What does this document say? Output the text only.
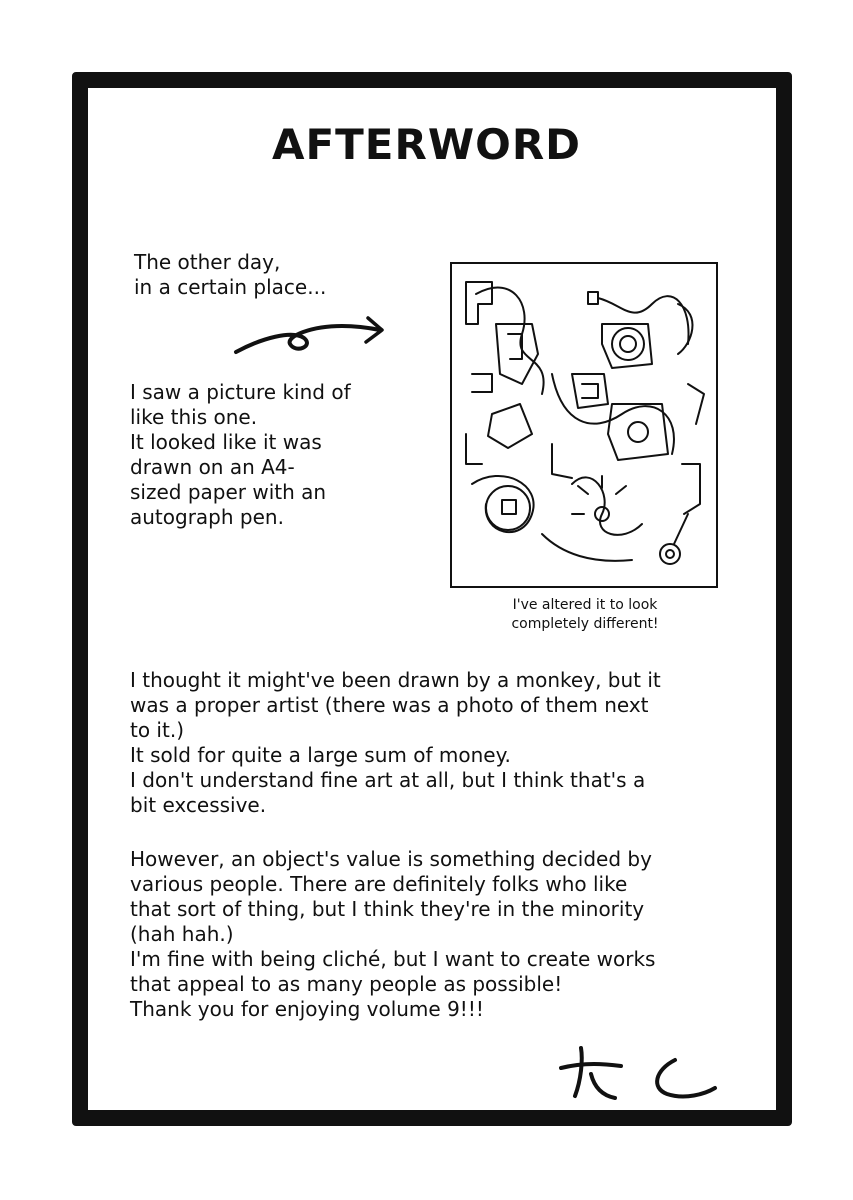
AFTERWORD
The other day,
in a certain place...
I saw a picture kind of
like this one.
It looked like it was
drawn on an A4-
sized paper with an
autograph pen.
I've altered it to look
completely different!
I thought it might've been drawn by a monkey, but it
was a proper artist (there was a photo of them next
to it.)
It sold for quite a large sum of money.
I don't understand fine art at all, but I think that's a
bit excessive.
However, an object's value is something decided by
various people. There are definitely folks who like
that sort of thing, but I think they're in the minority
(hah hah.)
I'm fine with being cliché, but I want to create works
that appeal to as many people as possible!
Thank you for enjoying volume 9!!!
